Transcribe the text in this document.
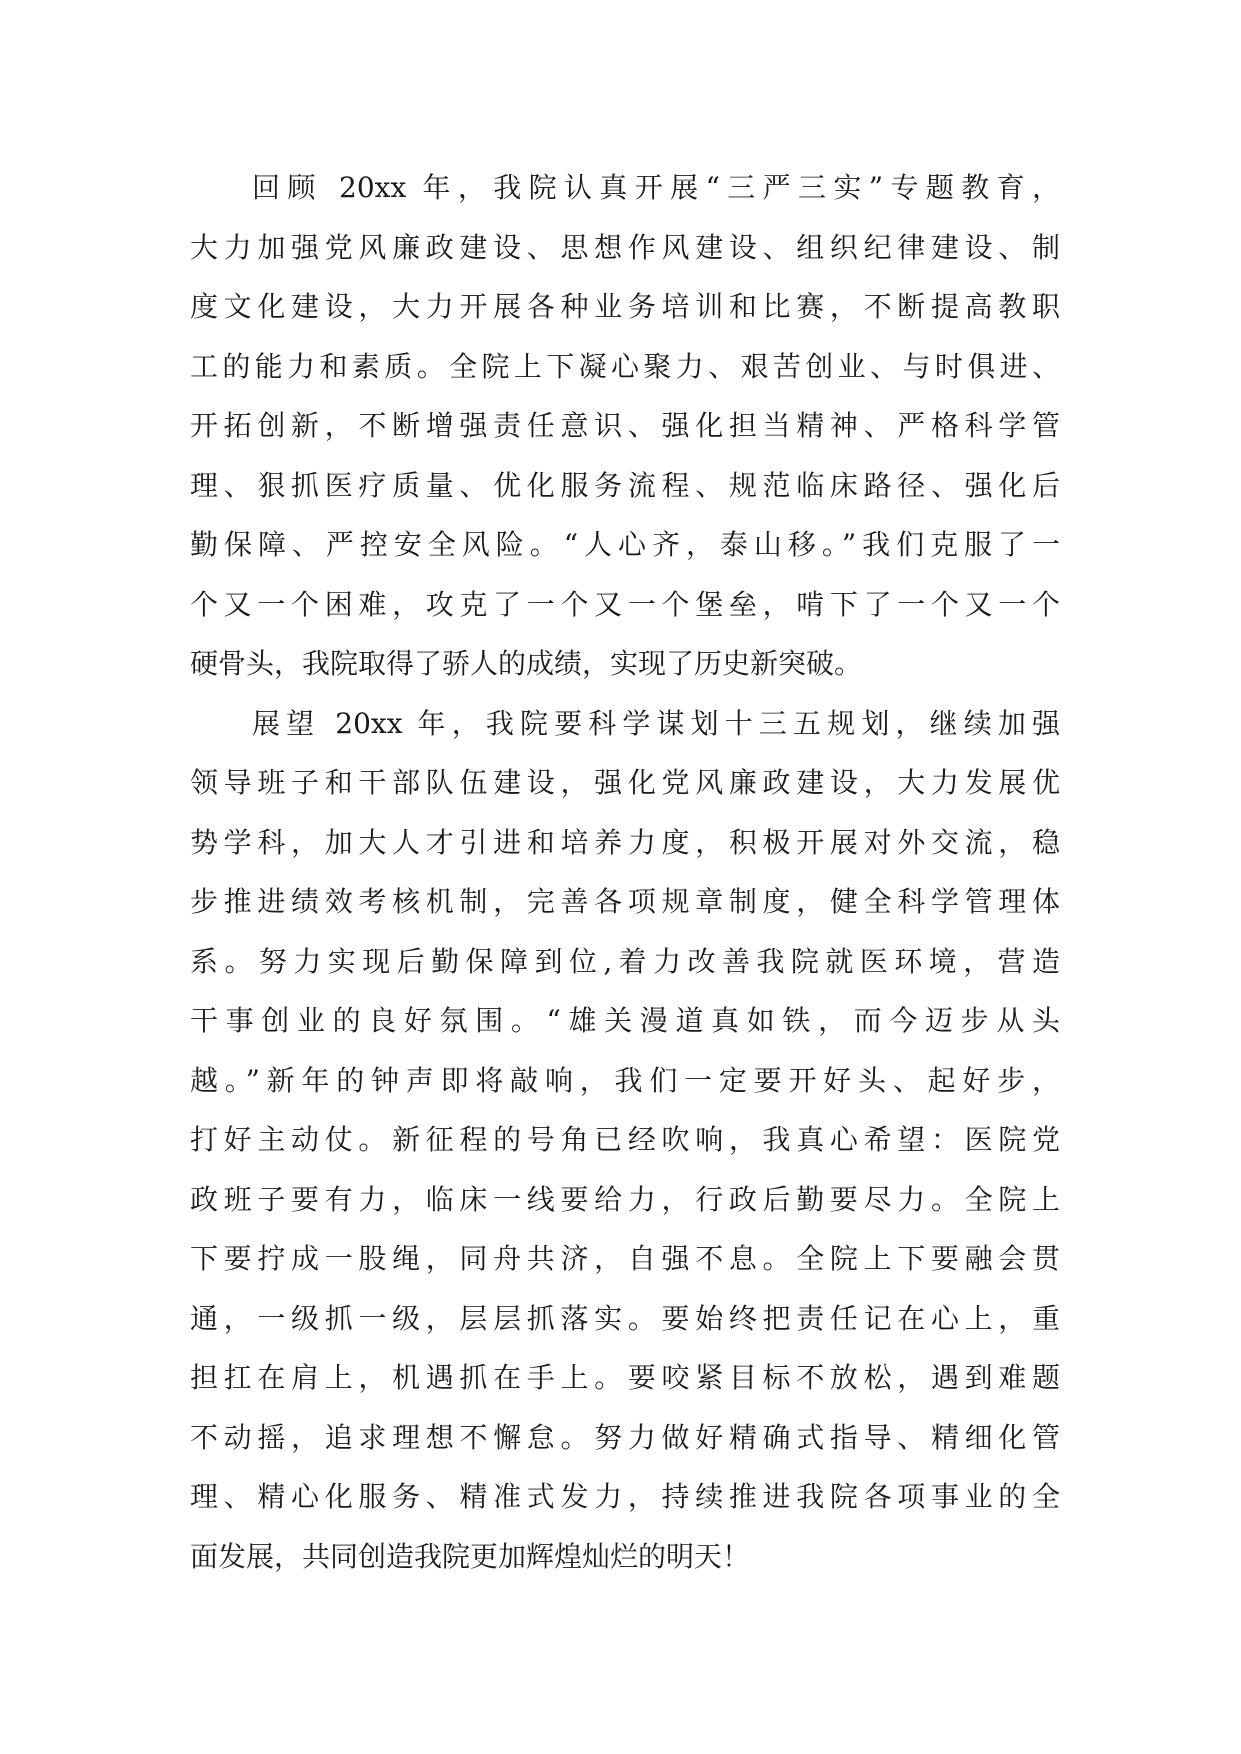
回顾 20xx 年，我院认真开展“三严三实”专题教育，
大力加强党风廉政建设、思想作风建设、组织纪律建设、制
度文化建设，大力开展各种业务培训和比赛，不断提高教职
工的能力和素质。全院上下凝心聚力、艰苦创业、与时俱进、
开拓创新，不断增强责任意识、强化担当精神、严格科学管
理、狠抓医疗质量、优化服务流程、规范临床路径、强化后
勤保障、严控安全风险。“人心齐，泰山移。”我们克服了一
个又一个困难，攻克了一个又一个堡垒，啃下了一个又一个
硬骨头，我院取得了骄人的成绩，实现了历史新突破。
展望 20xx 年，我院要科学谋划十三五规划，继续加强
领导班子和干部队伍建设，强化党风廉政建设，大力发展优
势学科，加大人才引进和培养力度，积极开展对外交流，稳
步推进绩效考核机制，完善各项规章制度，健全科学管理体
系。努力实现后勤保障到位,着力改善我院就医环境，营造
干事创业的良好氛围。“雄关漫道真如铁，而今迈步从头
越。”新年的钟声即将敲响，我们一定要开好头、起好步，
打好主动仗。新征程的号角已经吹响，我真心希望：医院党
政班子要有力，临床一线要给力，行政后勤要尽力。全院上
下要拧成一股绳，同舟共济，自强不息。全院上下要融会贯
通，一级抓一级，层层抓落实。要始终把责任记在心上，重
担扛在肩上，机遇抓在手上。要咬紧目标不放松，遇到难题
不动摇，追求理想不懈怠。努力做好精确式指导、精细化管
理、精心化服务、精准式发力，持续推进我院各项事业的全
面发展，共同创造我院更加辉煌灿烂的明天！
